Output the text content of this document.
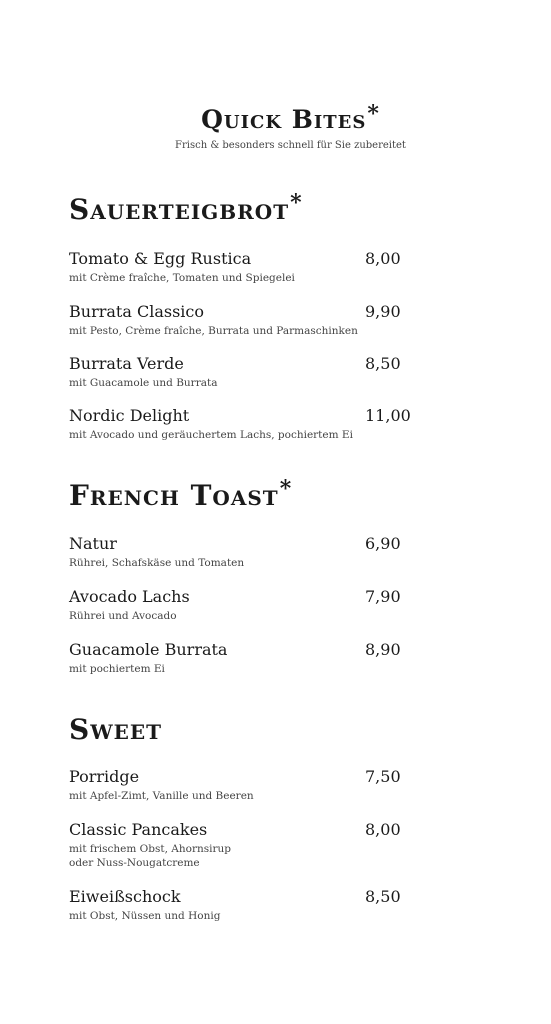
Quick Bites*
Frisch & besonders schnell für Sie zubereitet
Sauerteigbrot*
Tomato & Egg Rustica
mit Crème fraîche, Tomaten und Spiegelei
8,00
Burrata Classico
mit Pesto, Crème fraîche, Burrata und Parmaschinken
9,90
Burrata Verde
mit Guacamole und Burrata
8,50
Nordic Delight
mit Avocado und geräuchertem Lachs, pochiertem Ei
11,00
French Toast*
Natur
Rührei, Schafskäse und Tomaten
6,90
Avocado Lachs
Rührei und Avocado
7,90
Guacamole Burrata
mit pochiertem Ei
8,90
Sweet
Porridge
mit Apfel-Zimt, Vanille und Beeren
7,50
Classic Pancakes
mit frischem Obst, Ahornsirup
oder Nuss-Nougatcreme
8,00
Eiweißschock
mit Obst, Nüssen und Honig
8,50
